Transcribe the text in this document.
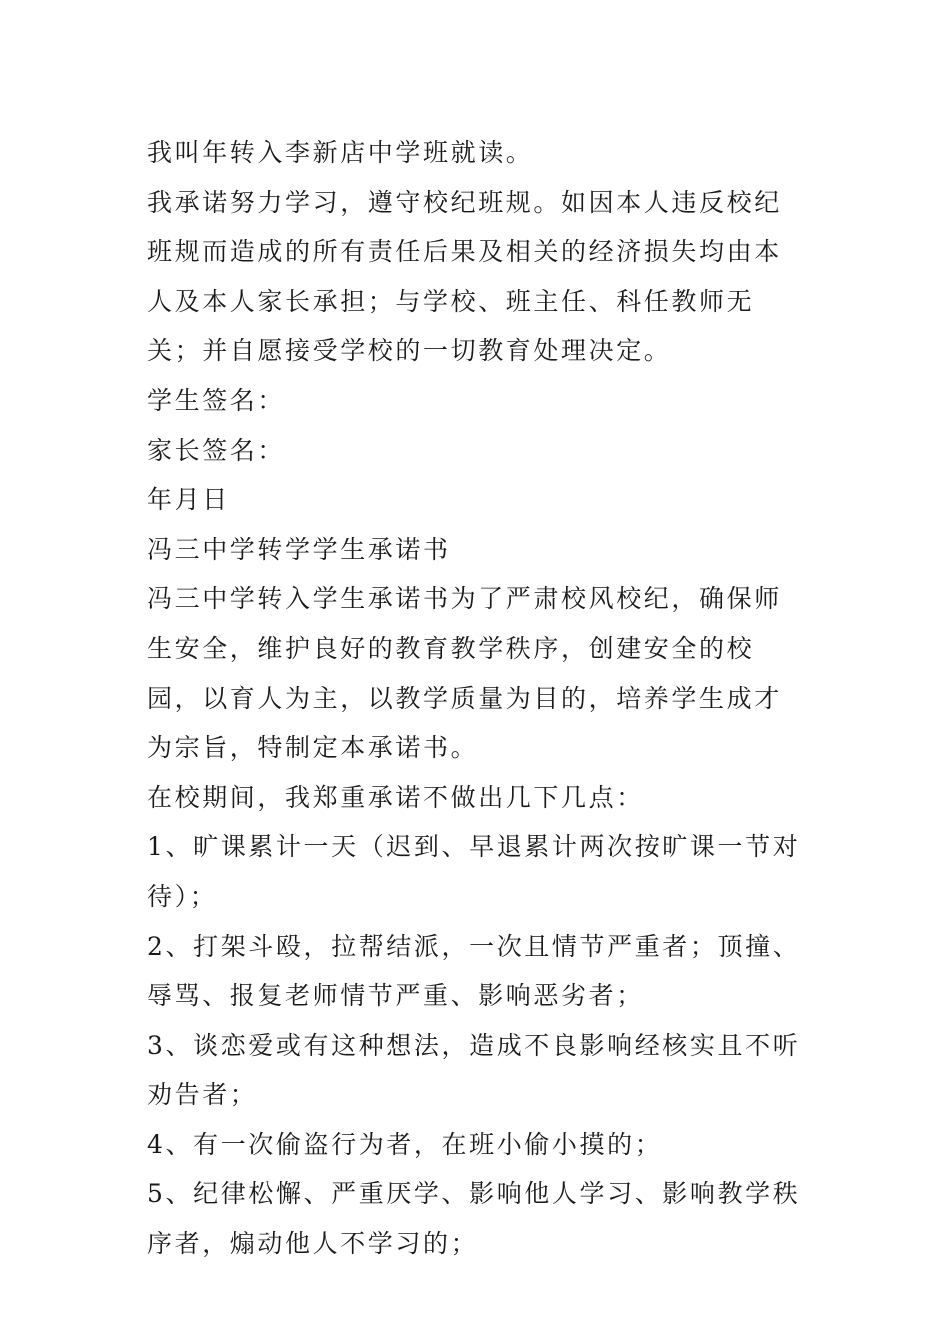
我叫年转入李新店中学班就读。

我承诺努力学习，遵守校纪班规。如因本人违反校纪班规而造成的所有责任后果及相关的经济损失均由本人及本人家长承担；与学校、班主任、科任教师无关；并自愿接受学校的一切教育处理决定。

学生签名：

家长签名：

年月日

冯三中学转学学生承诺书

冯三中学转入学生承诺书为了严肃校风校纪，确保师生安全，维护良好的教育教学秩序，创建安全的校园，以育人为主，以教学质量为目的，培养学生成才为宗旨，特制定本承诺书。

在校期间，我郑重承诺不做出几下几点：

1、旷课累计一天（迟到、早退累计两次按旷课一节对待）；

2、打架斗殴，拉帮结派，一次且情节严重者；顶撞、辱骂、报复老师情节严重、影响恶劣者；

3、谈恋爱或有这种想法，造成不良影响经核实且不听劝告者；

4、有一次偷盗行为者，在班小偷小摸的；

5、纪律松懈、严重厌学、影响他人学习、影响教学秩序者，煽动他人不学习的；
